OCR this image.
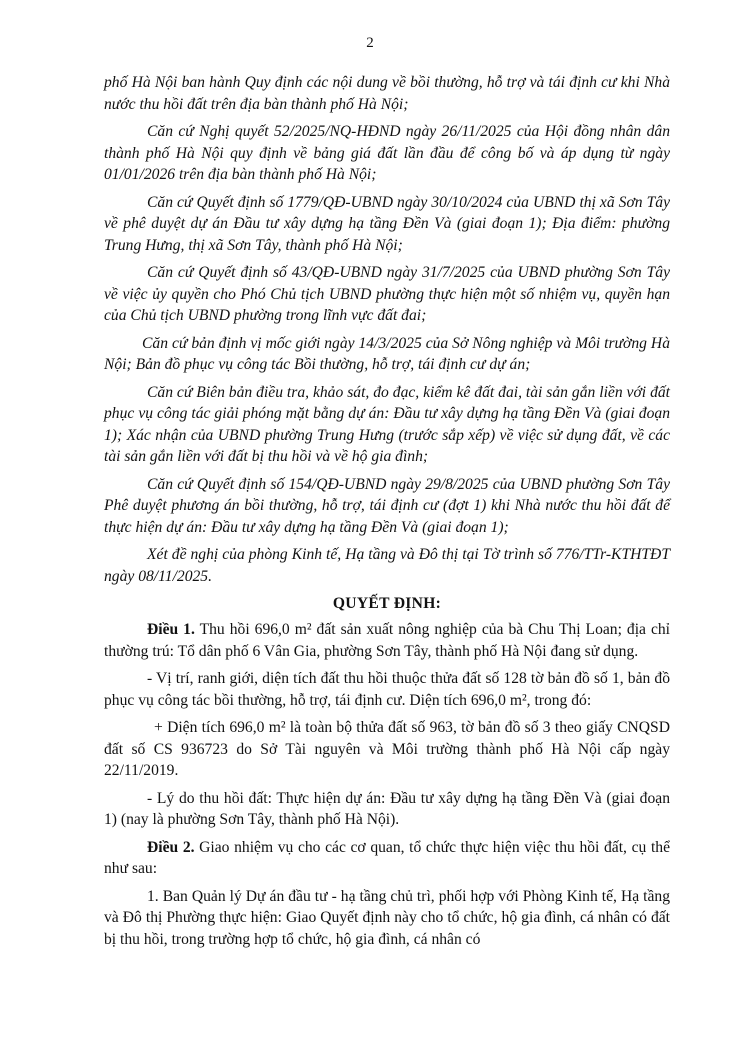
2

phố Hà Nội ban hành Quy định các nội dung về bồi thường, hỗ trợ và tái định cư khi Nhà nước thu hồi đất trên địa bàn thành phố Hà Nội;

Căn cứ Nghị quyết 52/2025/NQ-HĐND ngày 26/11/2025 của Hội đồng nhân dân thành phố Hà Nội quy định về bảng giá đất lần đầu để công bố và áp dụng từ ngày 01/01/2026 trên địa bàn thành phố Hà Nội;

Căn cứ Quyết định số 1779/QĐ-UBND ngày 30/10/2024 của UBND thị xã Sơn Tây về phê duyệt dự án Đầu tư xây dựng hạ tầng Đền Và (giai đoạn 1); Địa điểm: phường Trung Hưng, thị xã Sơn Tây, thành phố Hà Nội;

Căn cứ Quyết định số 43/QĐ-UBND ngày 31/7/2025 của UBND phường Sơn Tây về việc ủy quyền cho Phó Chủ tịch UBND phường thực hiện một số nhiệm vụ, quyền hạn của Chủ tịch UBND phường trong lĩnh vực đất đai;

Căn cứ bản định vị mốc giới ngày 14/3/2025 của Sở Nông nghiệp và Môi trường Hà Nội; Bản đồ phục vụ công tác Bồi thường, hỗ trợ, tái định cư dự án;

Căn cứ Biên bản điều tra, khảo sát, đo đạc, kiểm kê đất đai, tài sản gắn liền với đất phục vụ công tác giải phóng mặt bằng dự án: Đầu tư xây dựng hạ tầng Đền Và (giai đoạn 1); Xác nhận của UBND phường Trung Hưng (trước sắp xếp) về việc sử dụng đất, về các tài sản gắn liền với đất bị thu hồi và về hộ gia đình;

Căn cứ Quyết định số 154/QĐ-UBND ngày 29/8/2025 của UBND phường Sơn Tây Phê duyệt phương án bồi thường, hỗ trợ, tái định cư (đợt 1) khi Nhà nước thu hồi đất để thực hiện dự án: Đầu tư xây dựng hạ tầng Đền Và (giai đoạn 1);

Xét đề nghị của phòng Kinh tế, Hạ tầng và Đô thị tại Tờ trình số 776/TTr-KTHTĐT ngày 08/11/2025.

QUYẾT ĐỊNH:

Điều 1. Thu hồi 696,0 m² đất sản xuất nông nghiệp của bà Chu Thị Loan; địa chỉ thường trú: Tổ dân phố 6 Vân Gia, phường Sơn Tây, thành phố Hà Nội đang sử dụng.

- Vị trí, ranh giới, diện tích đất thu hồi thuộc thửa đất số 128 tờ bản đồ số 1, bản đồ phục vụ công tác bồi thường, hỗ trợ, tái định cư. Diện tích 696,0 m², trong đó:

+ Diện tích 696,0 m² là toàn bộ thửa đất số 963, tờ bản đồ số 3 theo giấy CNQSD đất số CS 936723 do Sở Tài nguyên và Môi trường thành phố Hà Nội cấp ngày 22/11/2019.

- Lý do thu hồi đất: Thực hiện dự án: Đầu tư xây dựng hạ tầng Đền Và (giai đoạn 1) (nay là phường Sơn Tây, thành phố Hà Nội).

Điều 2. Giao nhiệm vụ cho các cơ quan, tổ chức thực hiện việc thu hồi đất, cụ thể như sau:

1. Ban Quản lý Dự án đầu tư - hạ tầng chủ trì, phối hợp với Phòng Kinh tế, Hạ tầng và Đô thị Phường thực hiện: Giao Quyết định này cho tổ chức, hộ gia đình, cá nhân có đất bị thu hồi, trong trường hợp tổ chức, hộ gia đình, cá nhân có
